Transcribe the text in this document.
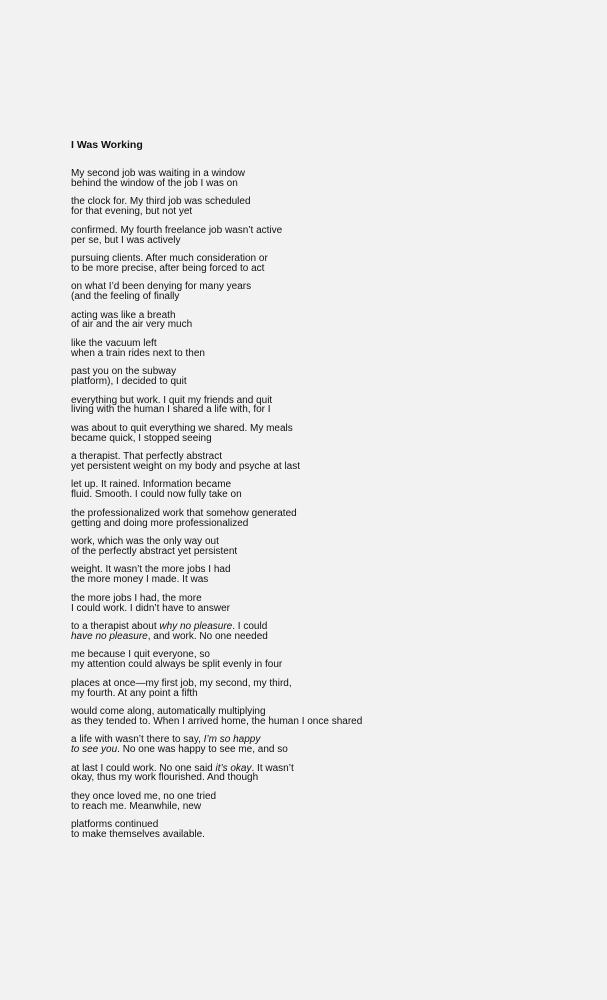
I Was Working
My second job was waiting in a window
behind the window of the job I was on
the clock for. My third job was scheduled
for that evening, but not yet
confirmed. My fourth freelance job wasn’t active
per se, but I was actively
pursuing clients. After much consideration or
to be more precise, after being forced to act
on what I’d been denying for many years
(and the feeling of finally
acting was like a breath
of air and the air very much
like the vacuum left
when a train rides next to then
past you on the subway
platform), I decided to quit
everything but work. I quit my friends and quit
living with the human I shared a life with, for I
was about to quit everything we shared. My meals
became quick, I stopped seeing
a therapist. That perfectly abstract
yet persistent weight on my body and psyche at last
let up. It rained. Information became
fluid. Smooth. I could now fully take on
the professionalized work that somehow generated
getting and doing more professionalized
work, which was the only way out
of the perfectly abstract yet persistent
weight. It wasn’t the more jobs I had
the more money I made. It was
the more jobs I had, the more
I could work. I didn’t have to answer
to a therapist about why no pleasure. I could
have no pleasure, and work. No one needed
me because I quit everyone, so
my attention could always be split evenly in four
places at once—my first job, my second, my third,
my fourth. At any point a fifth
would come along, automatically multiplying
as they tended to. When I arrived home, the human I once shared
a life with wasn’t there to say, I’m so happy
to see you. No one was happy to see me, and so
at last I could work. No one said it’s okay. It wasn’t
okay, thus my work flourished. And though
they once loved me, no one tried
to reach me. Meanwhile, new
platforms continued
to make themselves available.
